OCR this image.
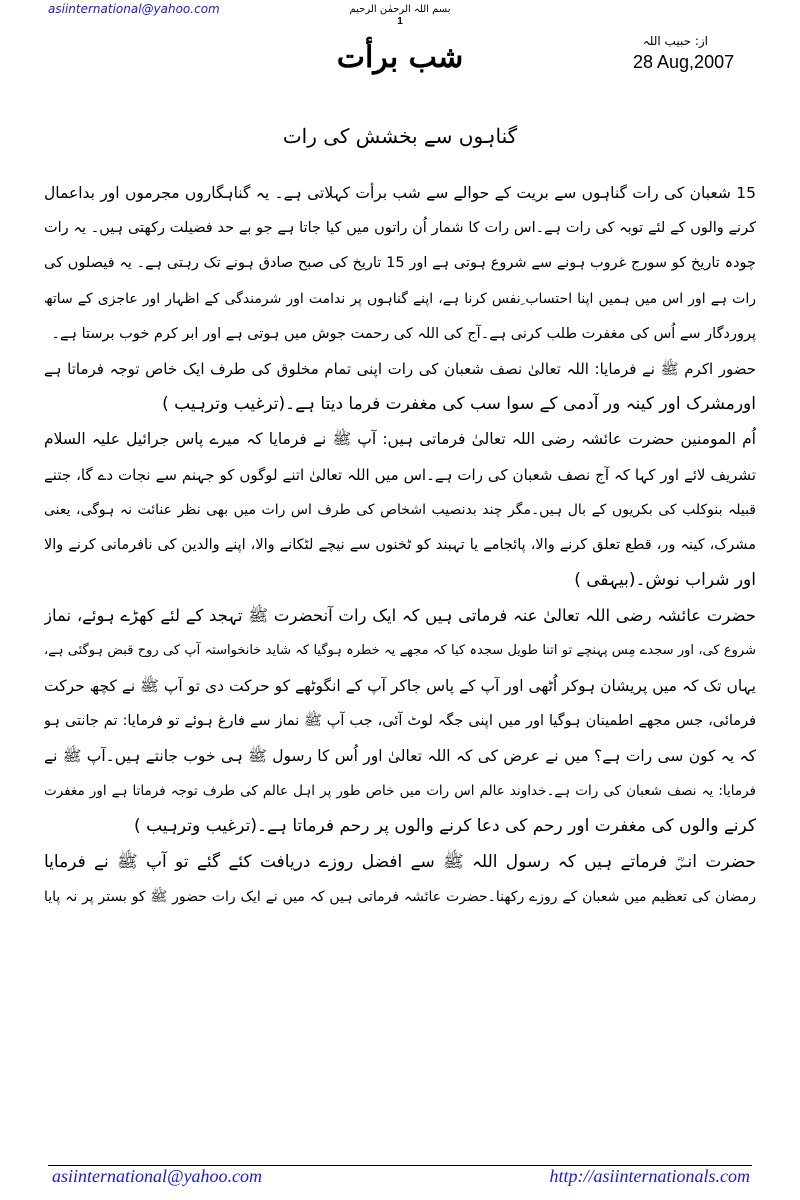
asiinternational@yahoo.com	بسم اللہ الرحمٰن الرحیم
1
شب برأت	از: حبیب اللہ
28 Aug,2007
گناہوں سے بخشش کی رات
15 شعبان کی رات گناہوں سے بریت کے حوالے سے شب برأت کہلاتی ہے۔ یہ گناہگاروں مجرموں اور بداعمال
کرنے والوں کے لئے توبہ کی رات ہے۔اس رات کا شمار اُن راتوں میں کیا جاتا ہے جو بے حد فضیلت رکھتی ہیں۔ یہ رات
چودہ تاریخ کو سورج غروب ہونے سے شروع ہوتی ہے اور 15 تاریخ کی صبح صادق ہونے تک رہتی ہے۔ یہ فیصلوں کی
رات ہے اور اس میں ہمیں اپنا احتساب ِنفس کرنا ہے، اپنے گناہوں پر ندامت اور شرمندگی کے اظہار اور عاجزی کے ساتھ
پروردگار سے اُس کی مغفرت طلب کرنی ہے۔آج کی اللہ کی رحمت جوش میں ہوتی ہے اور ابر کرم خوب برستا ہے۔
حضور اکرم ﷺ نے فرمایا: اللہ تعالیٰ نصف شعبان کی رات اپنی تمام مخلوق کی طرف ایک خاص توجہ فرماتا ہے
اورمشرک اور کینہ ور آدمی کے سوا سب کی مغفرت فرما دیتا ہے۔(ترغیب وترہیب )
اُم المومنین حضرت عائشہ رضی اللہ تعالیٰ فرماتی ہیں: آپ ﷺ نے فرمایا کہ میرے پاس جرائیل علیہ السلام
تشریف لائے اور کہا کہ آج نصف شعبان کی رات ہے۔اس میں اللہ تعالیٰ اتنے لوگوں کو جہنم سے نجات دے گا، جتنے
قبیلہ بنوکلب کی بکریوں کے بال ہیں۔مگر چند بدنصیب اشخاص کی طرف اس رات میں بھی نظر عنائت نہ ہوگی، یعنی
مشرک، کینہ ور، قطع تعلق کرنے والا، پائجامے یا تہبند کو ٹخنوں سے نیچے لٹکانے والا، اپنے والدین کی نافرمانی کرنے والا
اور شراب نوش۔(بیہقی )
حضرت عائشہ رضی اللہ تعالیٰ عنہ فرماتی ہیں کہ ایک رات آنحضرت ﷺ تہجد کے لئے کھڑے ہوئے، نماز
شروع کی، اور سجدے مِس پہنچے تو اتنا طویل سجدہ کیا کہ مجھے یہ خطرہ ہوگیا کہ شاید خانخواستہ آپ کی روح قبض ہوگئی ہے،
یہاں تک کہ میں پریشان ہوکر اُٹھی اور آپ کے پاس جاکر آپ کے انگوٹھے کو حرکت دی تو آپ ﷺ نے کچھ حرکت
فرمائی، جس مجھے اطمینان ہوگیا اور میں اپنی جگہ لوٹ آئی، جب آپ ﷺ نماز سے فارغ ہوئے تو فرمایا: تم جانتی ہو
کہ یہ کون سی رات ہے؟ میں نے عرض کی کہ اللہ تعالیٰ اور اُس کا رسول ﷺ ہی خوب جانتے ہیں۔آپ ﷺ نے
فرمایا: یہ نصف شعبان کی رات ہے۔خداوند عالم اس رات میں خاص طور پر اہل عالم کی طرف توجہ فرماتا ہے اور مغفرت
کرنے والوں کی مغفرت اور رحم کی دعا کرنے والوں پر رحم فرماتا ہے۔(ترغیب وترہیب )
حضرت انسؓ فرماتے ہیں کہ رسول اللہ ﷺ سے افضل روزے دریافت کئے گئے تو آپ ﷺ نے فرمایا
رمضان کی تعظیم میں شعبان کے روزے رکھنا۔حضرت عائشہ فرماتی ہیں کہ میں نے ایک رات حضور ﷺ کو بستر پر نہ پایا
asiinternational@yahoo.com	http://asiinternationals.com
